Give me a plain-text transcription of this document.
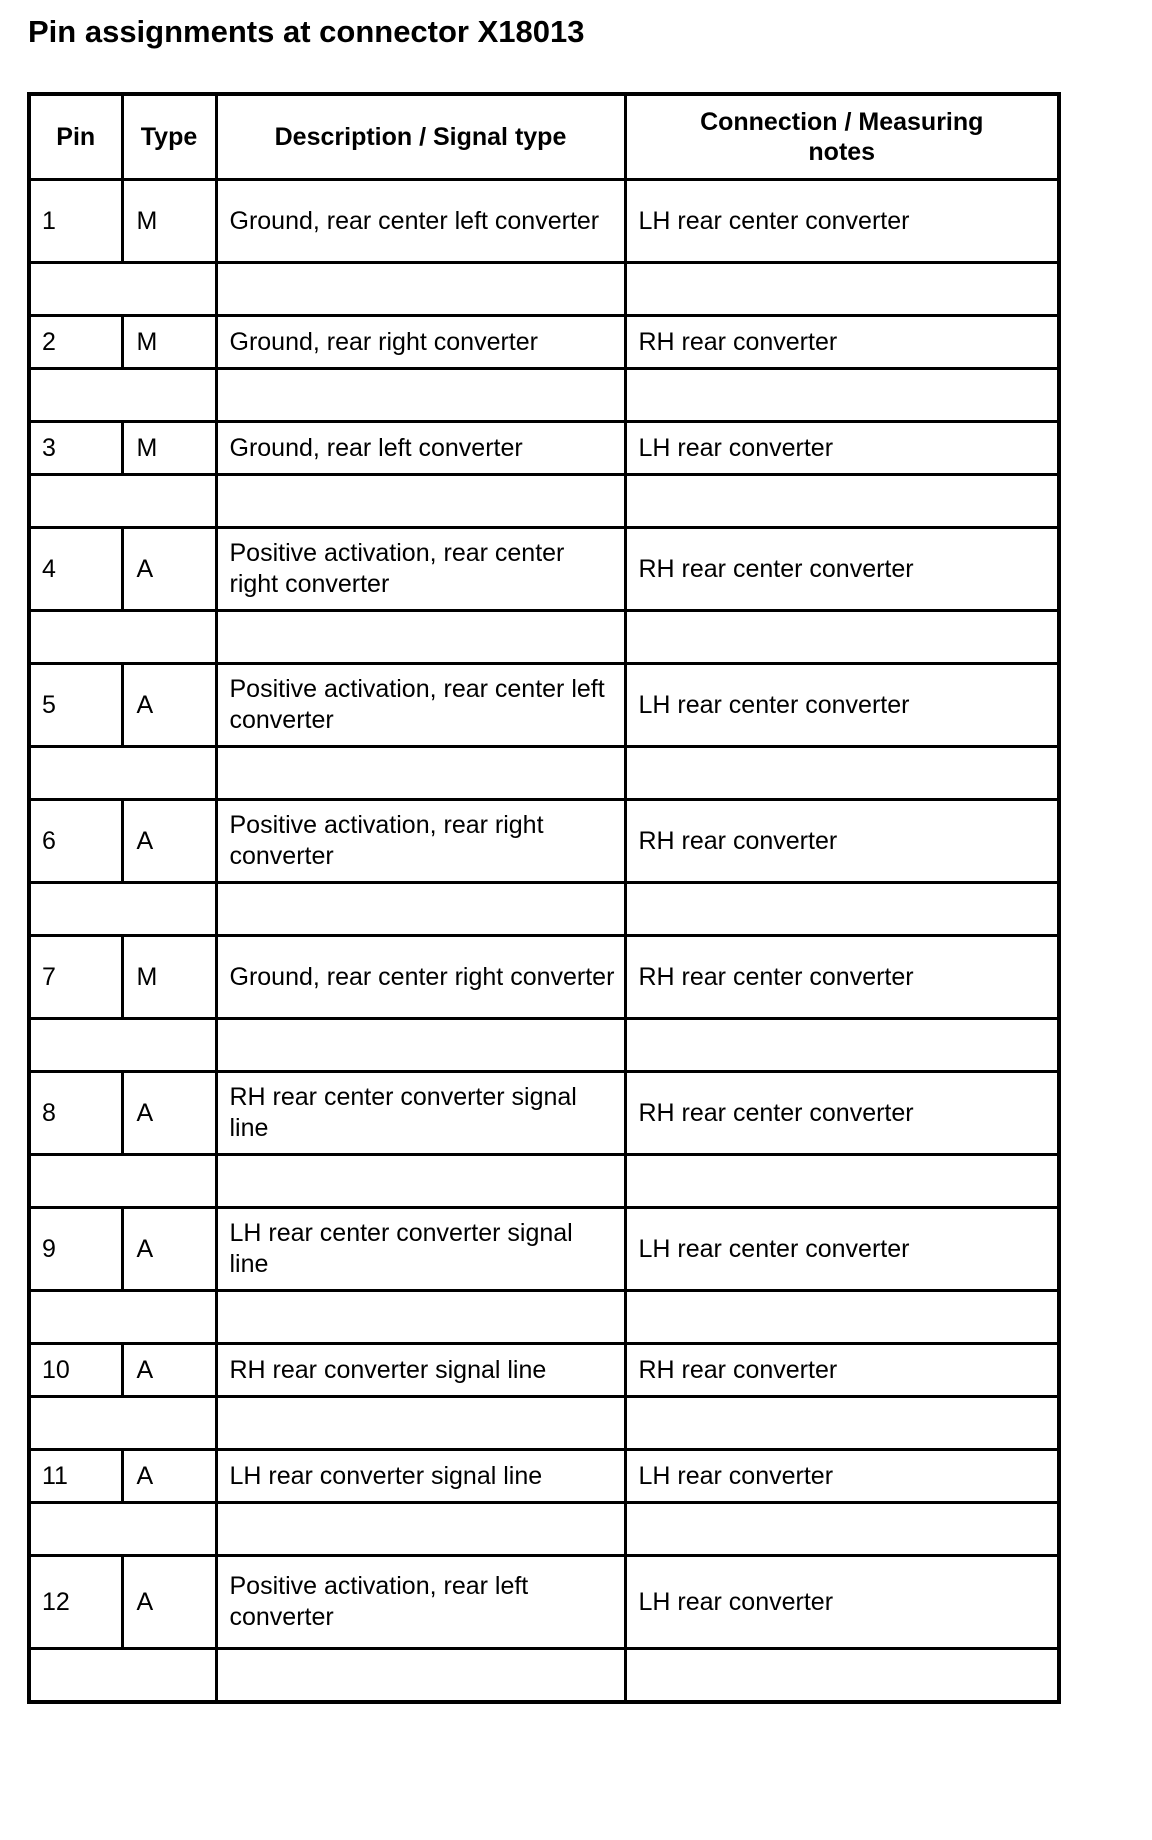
Pin assignments at connector X18013
Pin	Type	Description / Signal type	Connection / Measuring notes
1	M	Ground, rear center left converter	LH rear center converter

2	M	Ground, rear right converter	RH rear converter

3	M	Ground, rear left converter	LH rear converter

4	A	Positive activation, rear center right converter	RH rear center converter

5	A	Positive activation, rear center left converter	LH rear center converter

6	A	Positive activation, rear right converter	RH rear converter

7	M	Ground, rear center right converter	RH rear center converter

8	A	RH rear center converter signal line	RH rear center converter

9	A	LH rear center converter signal line	LH rear center converter

10	A	RH rear converter signal line	RH rear converter

11	A	LH rear converter signal line	LH rear converter

12	A	Positive activation, rear left converter	LH rear converter
